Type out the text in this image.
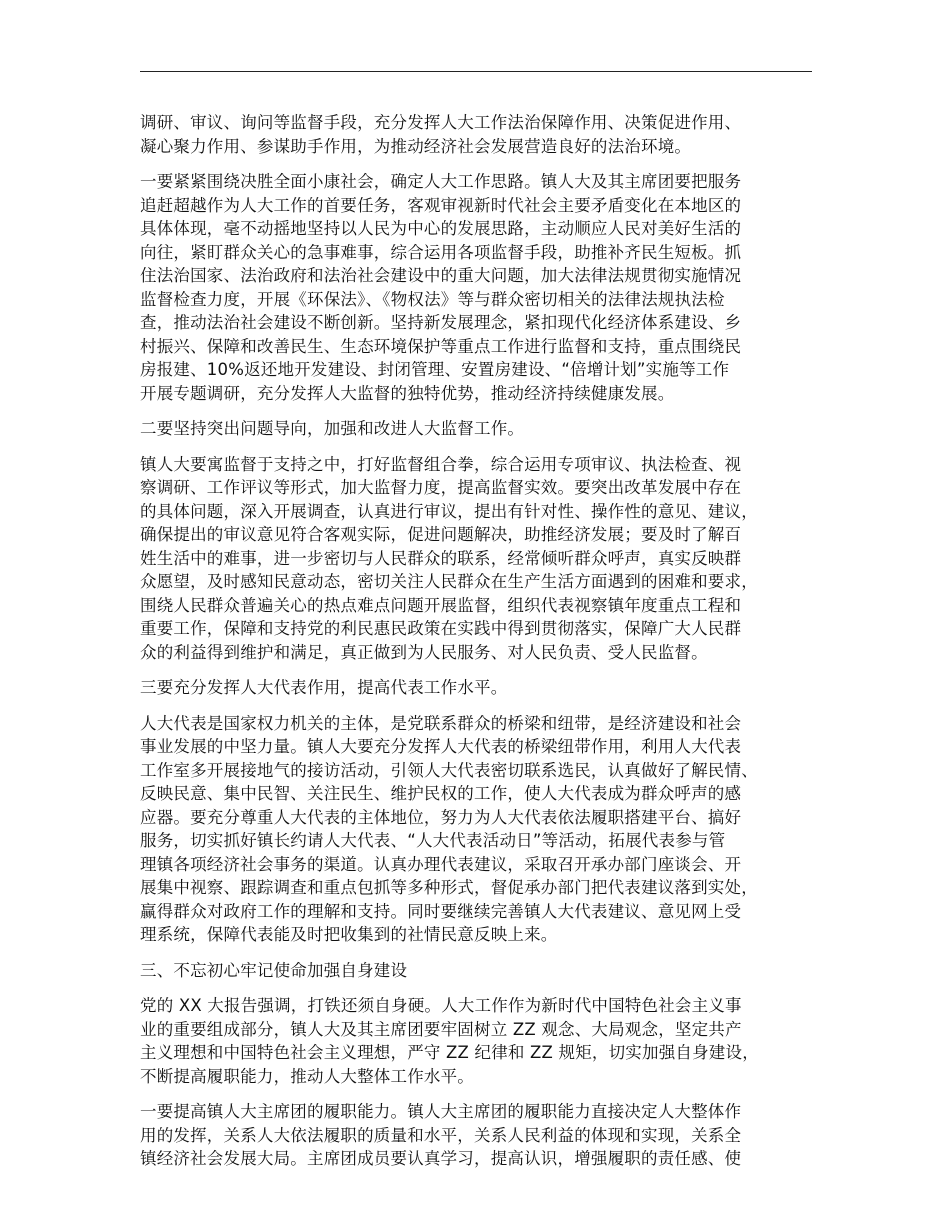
调研、审议、询问等监督手段，充分发挥人大工作法治保障作用、决策促进作用、
凝心聚力作用、参谋助手作用，为推动经济社会发展营造良好的法治环境。

一要紧紧围绕决胜全面小康社会，确定人大工作思路。镇人大及其主席团要把服务
追赶超越作为人大工作的首要任务，客观审视新时代社会主要矛盾变化在本地区的
具体体现，毫不动摇地坚持以人民为中心的发展思路，主动顺应人民对美好生活的
向往，紧盯群众关心的急事难事，综合运用各项监督手段，助推补齐民生短板。抓
住法治国家、法治政府和法治社会建设中的重大问题，加大法律法规贯彻实施情况
监督检查力度，开展《环保法》、《物权法》等与群众密切相关的法律法规执法检
查，推动法治社会建设不断创新。坚持新发展理念，紧扣现代化经济体系建设、乡
村振兴、保障和改善民生、生态环境保护等重点工作进行监督和支持，重点围绕民
房报建、10%返还地开发建设、封闭管理、安置房建设、“倍增计划”实施等工作
开展专题调研，充分发挥人大监督的独特优势，推动经济持续健康发展。

二要坚持突出问题导向，加强和改进人大监督工作。

镇人大要寓监督于支持之中，打好监督组合拳，综合运用专项审议、执法检查、视
察调研、工作评议等形式，加大监督力度，提高监督实效。要突出改革发展中存在
的具体问题，深入开展调查，认真进行审议，提出有针对性、操作性的意见、建议，
确保提出的审议意见符合客观实际，促进问题解决，助推经济发展；要及时了解百
姓生活中的难事，进一步密切与人民群众的联系，经常倾听群众呼声，真实反映群
众愿望，及时感知民意动态，密切关注人民群众在生产生活方面遇到的困难和要求，
围绕人民群众普遍关心的热点难点问题开展监督，组织代表视察镇年度重点工程和
重要工作，保障和支持党的利民惠民政策在实践中得到贯彻落实，保障广大人民群
众的利益得到维护和满足，真正做到为人民服务、对人民负责、受人民监督。

三要充分发挥人大代表作用，提高代表工作水平。

人大代表是国家权力机关的主体，是党联系群众的桥梁和纽带，是经济建设和社会
事业发展的中坚力量。镇人大要充分发挥人大代表的桥梁纽带作用，利用人大代表
工作室多开展接地气的接访活动，引领人大代表密切联系选民，认真做好了解民情、
反映民意、集中民智、关注民生、维护民权的工作，使人大代表成为群众呼声的感
应器。要充分尊重人大代表的主体地位，努力为人大代表依法履职搭建平台、搞好
服务，切实抓好镇长约请人大代表、“人大代表活动日”等活动，拓展代表参与管
理镇各项经济社会事务的渠道。认真办理代表建议，采取召开承办部门座谈会、开
展集中视察、跟踪调查和重点包抓等多种形式，督促承办部门把代表建议落到实处，
赢得群众对政府工作的理解和支持。同时要继续完善镇人大代表建议、意见网上受
理系统，保障代表能及时把收集到的社情民意反映上来。

三、不忘初心牢记使命加强自身建设

党的 XX 大报告强调，打铁还须自身硬。人大工作作为新时代中国特色社会主义事
业的重要组成部分，镇人大及其主席团要牢固树立 ZZ 观念、大局观念，坚定共产
主义理想和中国特色社会主义理想，严守 ZZ 纪律和 ZZ 规矩，切实加强自身建设，
不断提高履职能力，推动人大整体工作水平。

一要提高镇人大主席团的履职能力。镇人大主席团的履职能力直接决定人大整体作
用的发挥，关系人大依法履职的质量和水平，关系人民利益的体现和实现，关系全
镇经济社会发展大局。主席团成员要认真学习，提高认识，增强履职的责任感、使
